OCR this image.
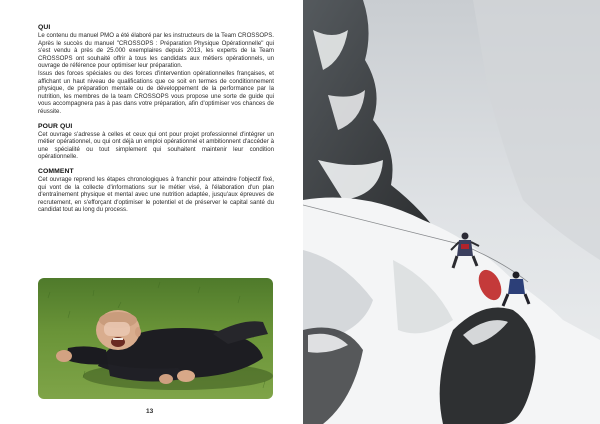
QUI

Le contenu du manuel PMO a été élaboré par les instructeurs de la Team CROSSOPS. Après le succès du manuel "CROSSOPS : Préparation Physique Opérationnelle" qui s'est vendu à près de 25.000 exemplaires depuis 2013, les experts de la Team CROSSOPS ont souhaité offrir à tous les candidats aux métiers opérationnels, un ouvrage de référence pour optimiser leur préparation.

Issus des forces spéciales ou des forces d'intervention opérationnelles françaises, et affichant un haut niveau de qualifications que ce soit en termes de conditionnement physique, de préparation mentale ou de développement de la performance par la nutrition, les membres de la team CROSSOPS vous propose une sorte de guide qui vous accompagnera pas à pas dans votre préparation, afin d'optimiser vos chances de réussite.

POUR QUI

Cet ouvrage s'adresse à celles et ceux qui ont pour projet professionnel d'intégrer un métier opérationnel, ou qui ont déjà un emploi opérationnel et ambitionnent d'accéder à une spécialité ou tout simplement qui souhaitent maintenir leur condition opérationnelle.

COMMENT

Cet ouvrage reprend les étapes chronologiques à franchir pour atteindre l'objectif fixé, qui vont de la collecte d'informations sur le métier visé, à l'élaboration d'un plan d'entraînement physique et mental avec une nutrition adaptée, jusqu'aux épreuves de recrutement, en s'efforçant d'optimiser le potentiel et de préserver le capital santé du candidat tout au long du process.

13
